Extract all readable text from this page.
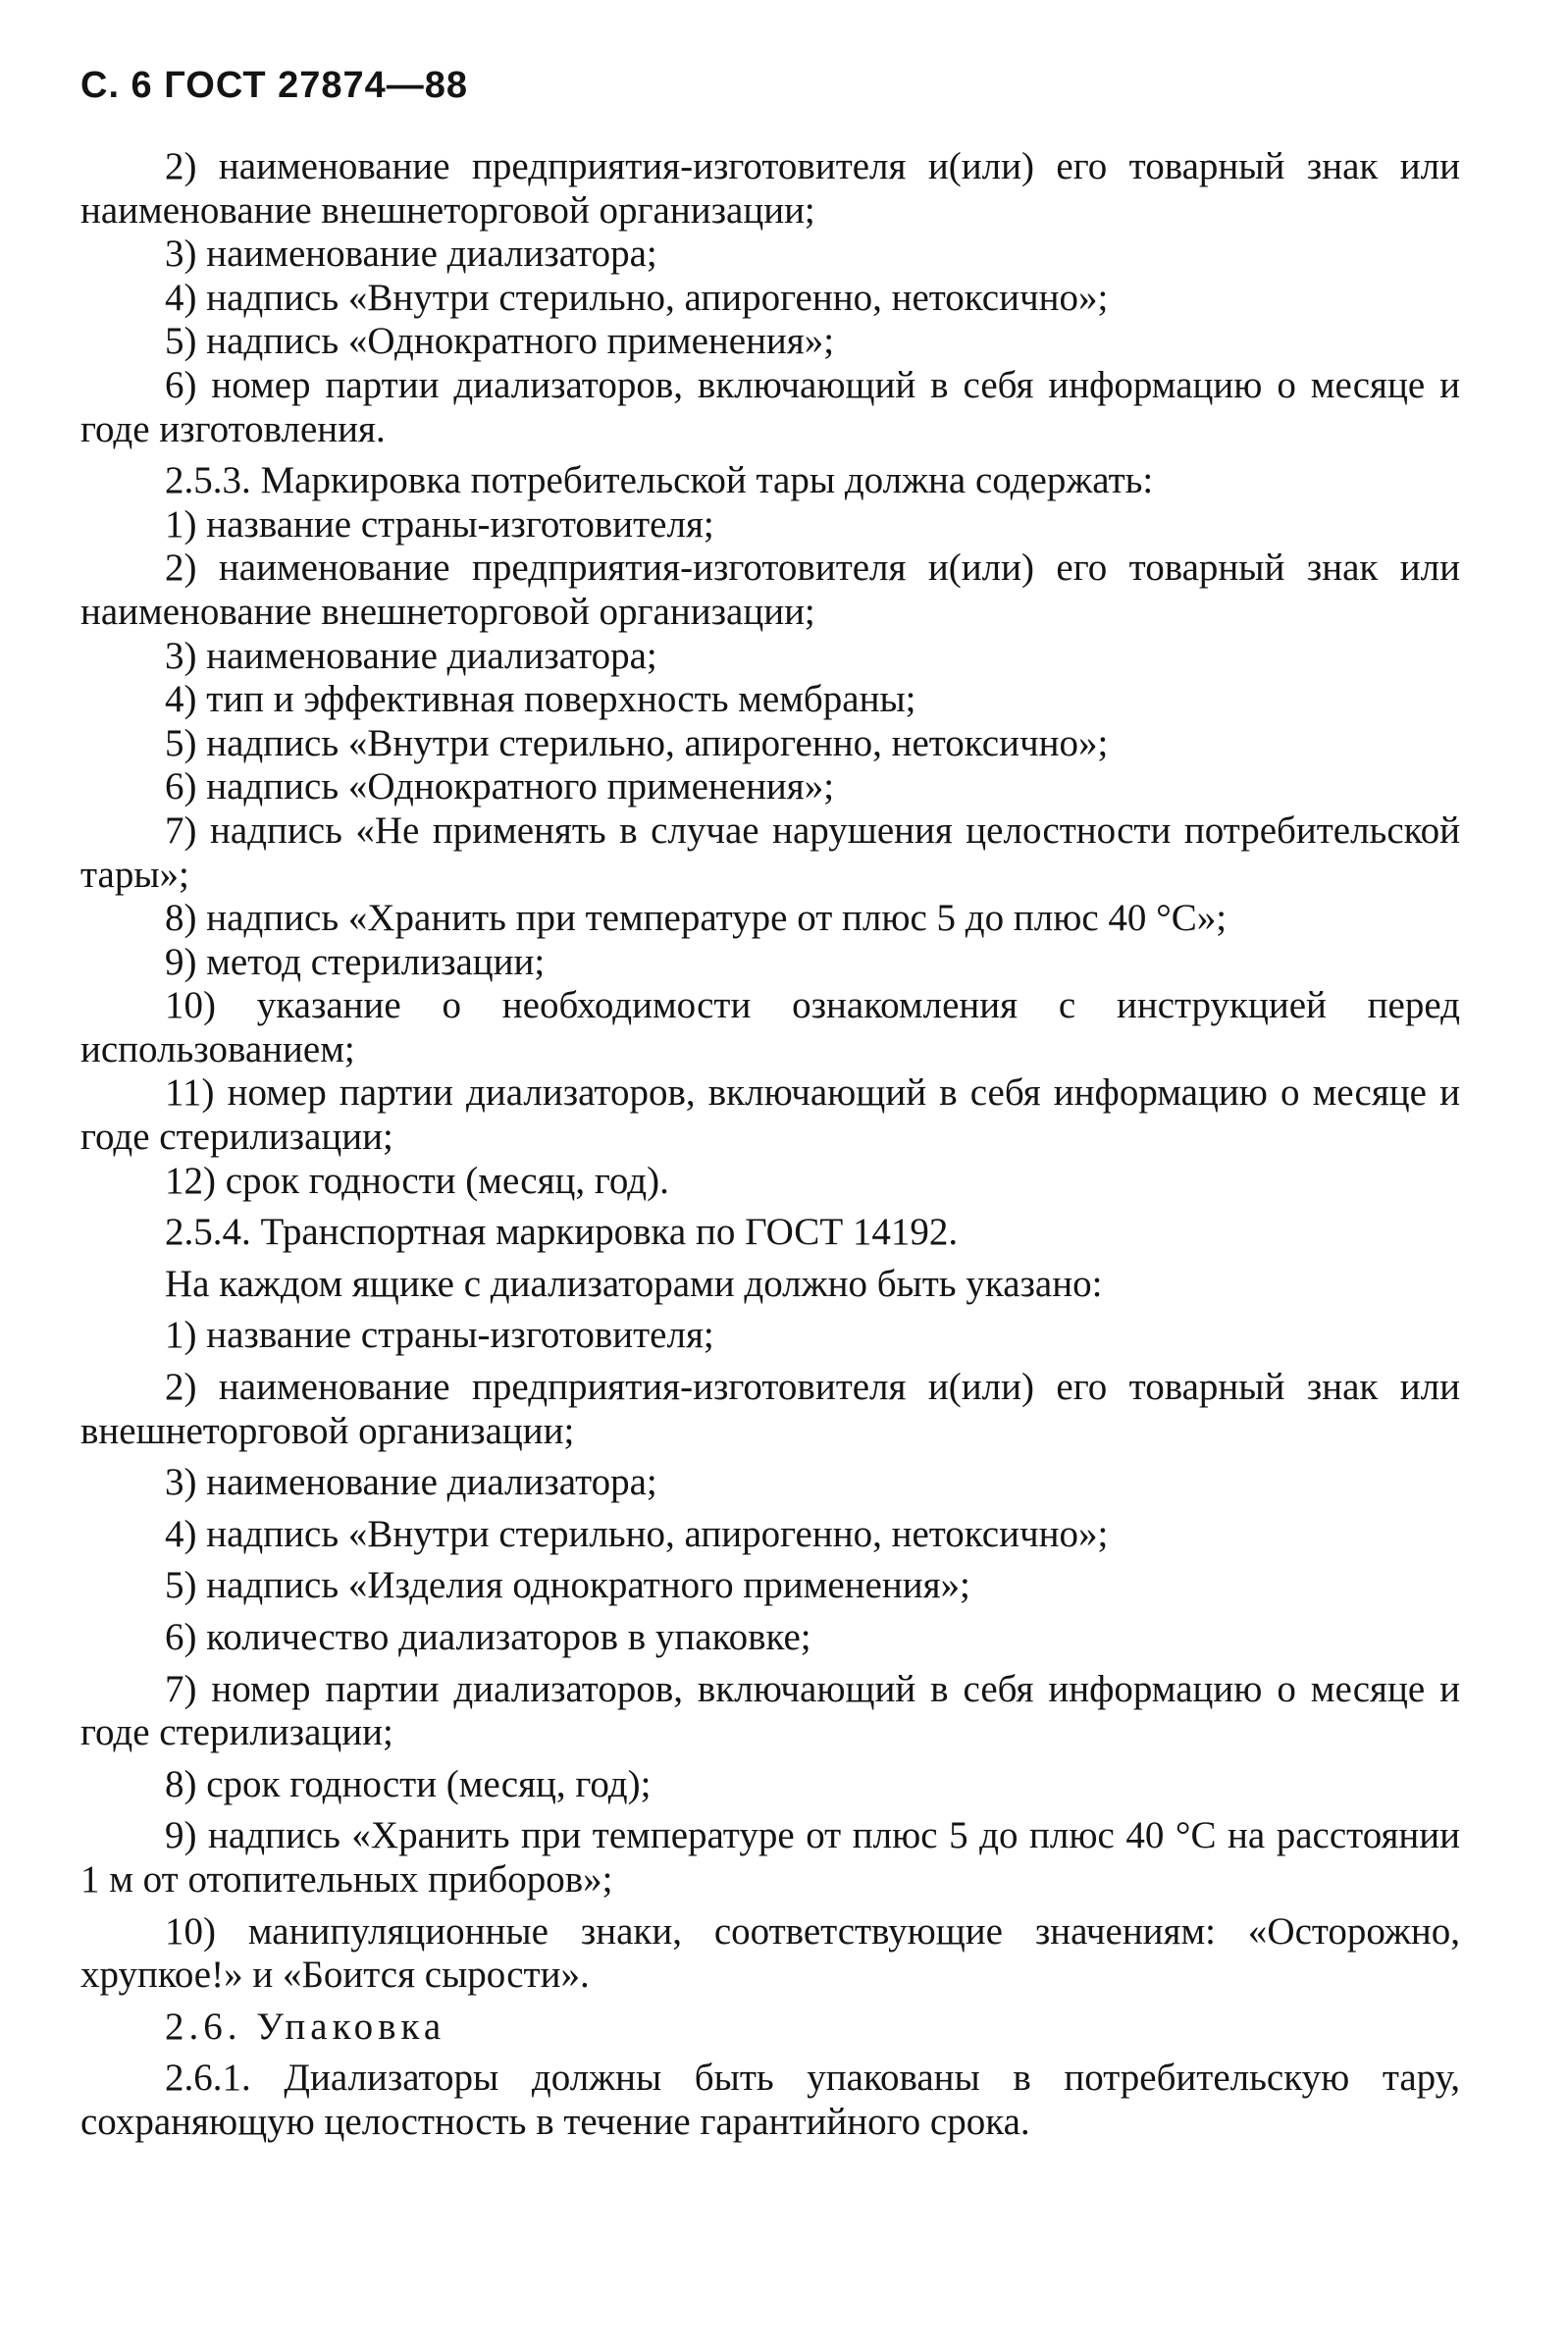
С. 6 ГОСТ 27874—88
2) наименование предприятия-изготовителя и(или) его товарный знак или наименование внешнеторговой организации;
3) наименование диализатора;
4) надпись «Внутри стерильно, апирогенно, нетоксично»;
5) надпись «Однократного применения»;
6) номер партии диализаторов, включающий в себя информацию о месяце и годе изготовления.
2.5.3. Маркировка потребительской тары должна содержать:
1) название страны-изготовителя;
2) наименование предприятия-изготовителя и(или) его товарный знак или наименование внешнеторговой организации;
3) наименование диализатора;
4) тип и эффективная поверхность мембраны;
5) надпись «Внутри стерильно, апирогенно, нетоксично»;
6) надпись «Однократного применения»;
7) надпись «Не применять в случае нарушения целостности потребительской тары»;
8) надпись «Хранить при температуре от плюс 5 до плюс 40 °С»;
9) метод стерилизации;
10) указание о необходимости ознакомления с инструкцией перед использованием;
11) номер партии диализаторов, включающий в себя информацию о месяце и годе стерилизации;
12) срок годности (месяц, год).
2.5.4. Транспортная маркировка по ГОСТ 14192.
На каждом ящике с диализаторами должно быть указано:
1) название страны-изготовителя;
2) наименование предприятия-изготовителя и(или) его товарный знак или внешнеторговой организации;
3) наименование диализатора;
4) надпись «Внутри стерильно, апирогенно, нетоксично»;
5) надпись «Изделия однократного применения»;
6) количество диализаторов в упаковке;
7) номер партии диализаторов, включающий в себя информацию о месяце и годе стерилизации;
8) срок годности (месяц, год);
9) надпись «Хранить при температуре от плюс 5 до плюс 40 °С на расстоянии 1 м от отопительных приборов»;
10) манипуляционные знаки, соответствующие значениям: «Осторожно, хрупкое!» и «Боится сырости».
2.6. Упаковка
2.6.1. Диализаторы должны быть упакованы в потребительскую тару, сохраняющую целостность в течение гарантийного срока.
